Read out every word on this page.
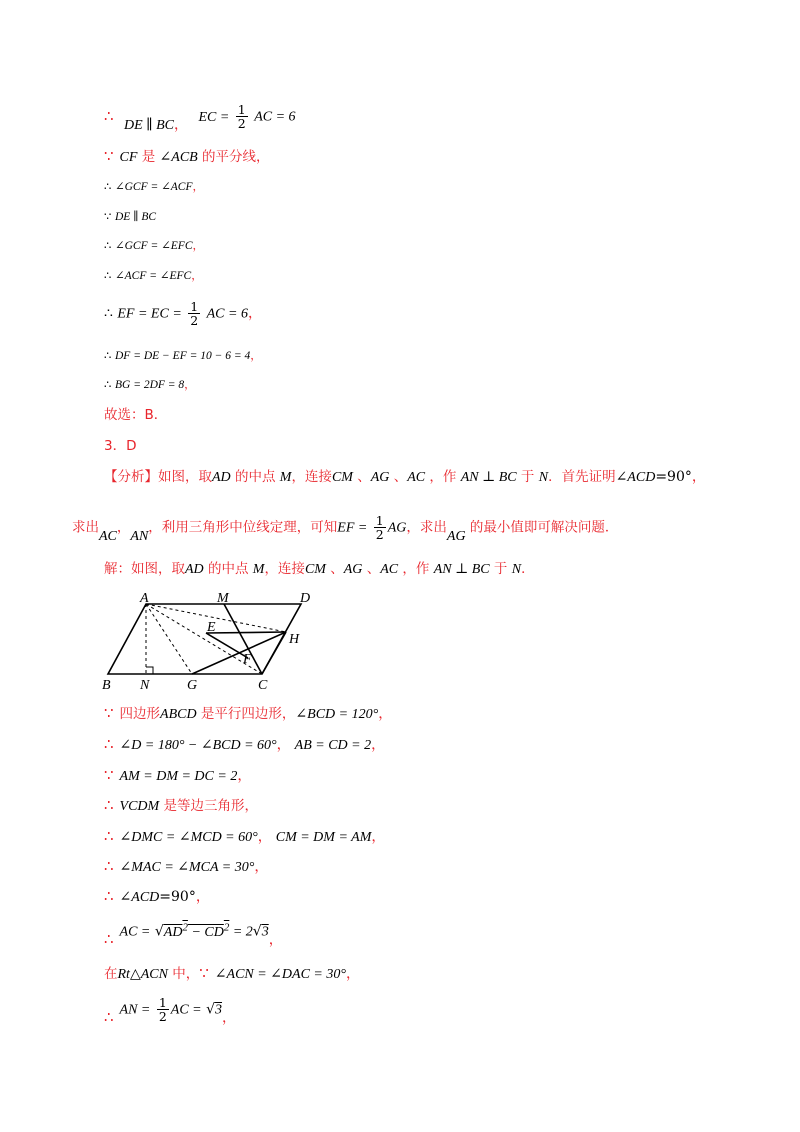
∴ DE ∥ BC， EC = $\frac{1}{2}$ AC = 6
∵ CF 是 ∠ACB 的平分线，
∴ ∠GCF = ∠ACF，
∵ DE ∥ BC
∴ ∠GCF = ∠EFC，
∴ ∠ACF = ∠EFC，
∴ EF = EC = $\frac{1}{2}$ AC = 6，
∴ DF = DE − EF = 10 − 6 = 4，
∴ BG = 2DF = 8，
故选：B．
3．D
【分析】如图，取AD 的中点 M，连接CM 、AG 、AC ，作 AN ⊥ BC 于 N．首先证明∠ACD=90°，
求出AC，AN，利用三角形中位线定理，可知EF = $\frac{1}{2}$ AG，求出AG 的最小值即可解决问题．
解：如图，取AD 的中点 M，连接CM 、AG 、AC ，作 AN ⊥ BC 于 N．
A	M	D
E
H
F
B N	G	C
∵ 四边形ABCD 是平行四边形，∠BCD = 120°，
∴ ∠D = 180° − ∠BCD = 60°， AB = CD = 2，
∵ AM = DM = DC = 2，
∴ VCDM 是等边三角形，
∴ ∠DMC = ∠MCD = 60°， CM = DM = AM，
∴ ∠MAC = ∠MCA = 30°，
∴ ∠ACD=90°，
∴ AC = $√AD^2 - CD^2 = 2√3$，
在Rt△ACN 中，∵ ∠ACN = ∠DAC = 30°，
∴ AN = $\frac{1}{2}$ AC = √3，
